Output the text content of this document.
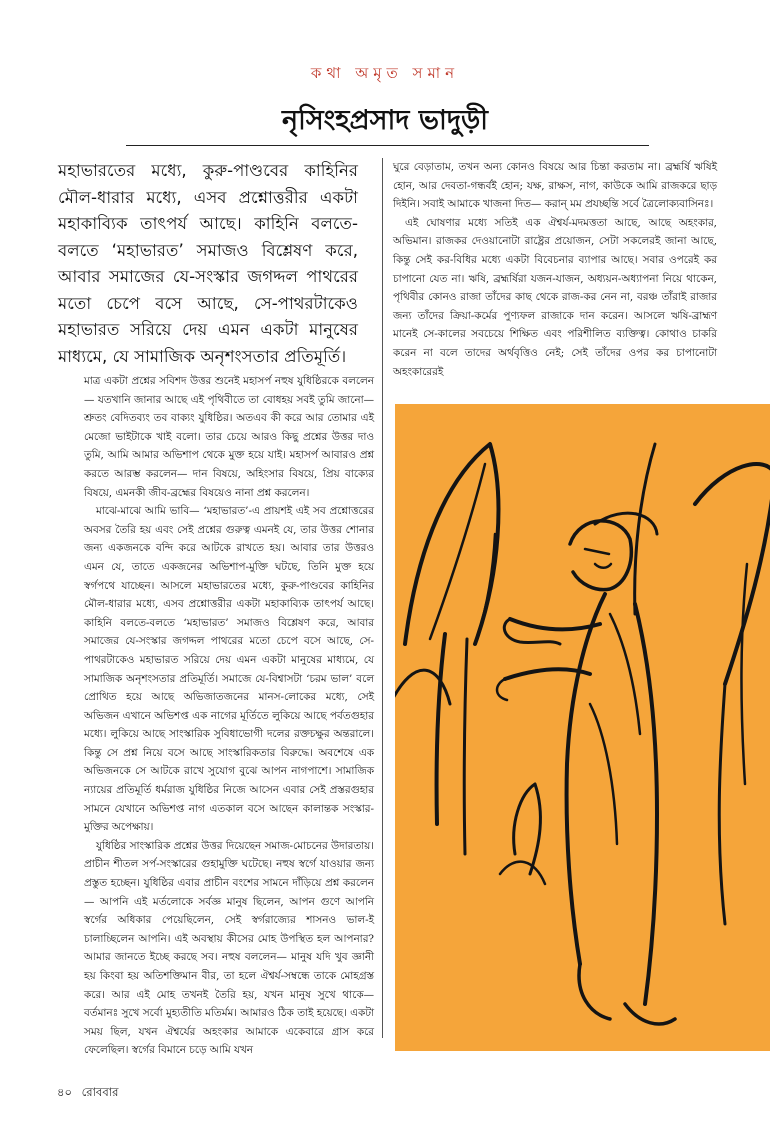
কথা অমৃত সমান
নৃসিংহপ্রসাদ ভাদুড়ী
মহাভারতের মধ্যে, কুরু-পাণ্ডবের কাহিনির মৌল-ধারার মধ্যে, এসব প্রশ্নোত্তরীর একটা মহাকাব্যিক তাৎপর্য আছে। কাহিনি বলতে-বলতে ‘মহাভারত’ সমাজও বিশ্লেষণ করে, আবার সমাজের যে-সংস্কার জগদ্দল পাথরের মতো চেপে বসে আছে, সে-পাথরটাকেও মহাভারত সরিয়ে দেয় এমন একটা মানুষের মাধ্যমে, যে সামাজিক অনৃশংসতার প্রতিমূর্তি।

মাত্র একটা প্রশ্নের সবিশদ উত্তর শুনেই মহাসর্প নহুষ যুধিষ্ঠিরকে বললেন— যতখানি জানার আছে এই পৃথিবীতে তা বোধহয় সবই তুমি জানো— শ্রুতং বেদিতব্যং তব বাক্যং যুধিষ্ঠির। অতএব কী করে আর তোমার এই মেজো ভাইটাকে খাই বলো। তার চেয়ে আরও কিছু প্রশ্নের উত্তর দাও তুমি, আমি আমার অভিশাপ থেকে মুক্ত হয়ে যাই। মহাসর্প আবারও প্রশ্ন করতে আরম্ভ করলেন— দান বিষয়ে, অহিংসার বিষয়ে, প্রিয় বাক্যের বিষয়ে, এমনকী জীব-ব্রহ্মের বিষয়েও নানা প্রশ্ন করলেন।

মাঝে-মাঝে আমি ভাবি— ‘মহাভারত’-এ প্রায়শই এই সব প্রশ্নোত্তরের অবসর তৈরি হয় এবং সেই প্রশ্নের গুরুত্ব এমনই যে, তার উত্তর শোনার জন্য একজনকে বন্দি করে আটকে রাখতে হয়। আবার তার উত্তরও এমন যে, তাতে একজনের অভিশাপ-মুক্তি ঘটছে, তিনি মুক্ত হয়ে স্বর্গপথে যাচ্ছেন। আসলে মহাভারতের মধ্যে, কুরু-পাণ্ডবের কাহিনির মৌল-ধারার মধ্যে, এসব প্রশ্নোত্তরীর একটা মহাকাব্যিক তাৎপর্য আছে। কাহিনি বলতে-বলতে ‘মহাভারত’ সমাজও বিশ্লেষণ করে, আবার সমাজের যে-সংস্কার জগদ্দল পাথরের মতো চেপে বসে আছে, সে-পাথরটাকেও মহাভারত সরিয়ে দেয় এমন একটা মানুষের মাধ্যমে, যে সামাজিক অনৃশংসতার প্রতিমূর্তি। সমাজে যে-বিশ্বাসটা ‘চরম ভাল’ বলে প্রোথিত হয়ে আছে অভিজাতজনের মানস-লোকের মধ্যে, সেই অভিজন এখানে অভিশপ্ত এক নাগের মূর্তিতে লুকিয়ে আছে পর্বতগুহার মধ্যে। লুকিয়ে আছে সাংস্কারিক সুবিধাভোগী দলের রক্তচক্ষুর অন্তরালে। কিন্তু সে প্রশ্ন নিয়ে বসে আছে সাংস্কারিকতার বিরুদ্ধে। অবশেষে এক অভিজনকে সে আটকে রাখে সুযোগ বুঝে আপন নাগপাশে। সামাজিক ন্যায়ের প্রতিমূর্তি ধর্মরাজ যুধিষ্ঠির নিজে আসেন এবার সেই প্রস্তরগুহার সামনে যেখানে অভিশপ্ত নাগ এতকাল বসে আছেন কালান্তক সংস্কার-মুক্তির অপেক্ষায়।

যুধিষ্ঠির সাংস্কারিক প্রশ্নের উত্তর দিয়েছেন সমাজ-মোচনের উদারতায়। প্রাচীন শীতল সর্প-সংস্কারের গুহামুক্তি ঘটেছে। নহুষ স্বর্গে যাওয়ার জন্য প্রস্তুত হচ্ছেন। যুধিষ্ঠির এবার প্রাচীন বংশের সামনে দাঁড়িয়ে প্রশ্ন করলেন— আপনি এই মর্তলোকে সর্বজ্ঞ মানুষ ছিলেন, আপন গুণে আপনি স্বর্গের অধিকার পেয়েছিলেন, সেই স্বর্গরাজ্যের শাসনও ভাল-ই চালাচ্ছিলেন আপনি। এই অবস্থায় কীসের মোহ উপস্থিত হল আপনার? আমার জানতে ইচ্ছে করছে সব। নহুষ বললেন— মানুষ যদি খুব জ্ঞানী হয় কিংবা হয় অতিশক্তিমান বীর, তা হলে ঐশ্বর্য-সম্বন্ধে তাকে মোহগ্রস্ত করে। আর এই মোহ তখনই তৈরি হয়, যখন মানুষ সুখে থাকে— বর্তমানঃ সুখে সর্বো মুহ্যতীতি মতির্মম। আমারও ঠিক তাই হয়েছে। একটা সময় ছিল, যখন ঐশ্বর্যের অহংকার আমাকে একেবারে গ্রাস করে ফেলেছিল। স্বর্গের বিমানে চড়ে আমি যখন

ঘুরে বেড়াতাম, তখন অন্য কোনও বিষয়ে আর চিন্তা করতাম না। ব্রহ্মর্ষি ঋষিই হোন, আর দেবতা-গন্ধর্বই হোন; যক্ষ, রাক্ষস, নাগ, কাউকে আমি রাজকরে ছাড় দিইনি। সবাই আমাকে খাজনা দিত— করান্ মম প্রযচ্ছন্তি সর্বে ত্রৈলোক্যবাসিনঃ।

এই ঘোষণার মধ্যে সতিই এক ঐশ্বর্য-মদমত্ততা আছে, আছে অহংকার, অভিমান। রাজকর দেওয়ানোটা রাষ্ট্রের প্রয়োজন, সেটা সকলেরই জানা আছে, কিন্তু সেই কর-বিধির মধ্যে একটা বিবেচনার ব্যাপার আছে। সবার ওপরেই কর চাপানো যেত না। ঋষি, ব্রহ্মর্ষিরা যজন-যাজন, অধ্যয়ন-অধ্যাপনা নিয়ে থাকেন, পৃথিবীর কোনও রাজা তাঁদের কাছ থেকে রাজ-কর নেন না, বরঞ্চ তাঁরাই রাজার জন্য তাঁদের ক্রিয়া-কর্মের পুণ্যফল রাজাকে দান করেন। আসলে ঋষি-ব্রাহ্মণ মানেই সে-কালের সবচেয়ে শিক্ষিত এবং পরিশীলিত ব্যক্তিত্ব। কোথাও চাকরি করেন না বলে তাদের অর্থবৃত্তিও নেই; সেই তাঁদের ওপর কর চাপানোটা অহংকারেরই

৪০ রোববার
